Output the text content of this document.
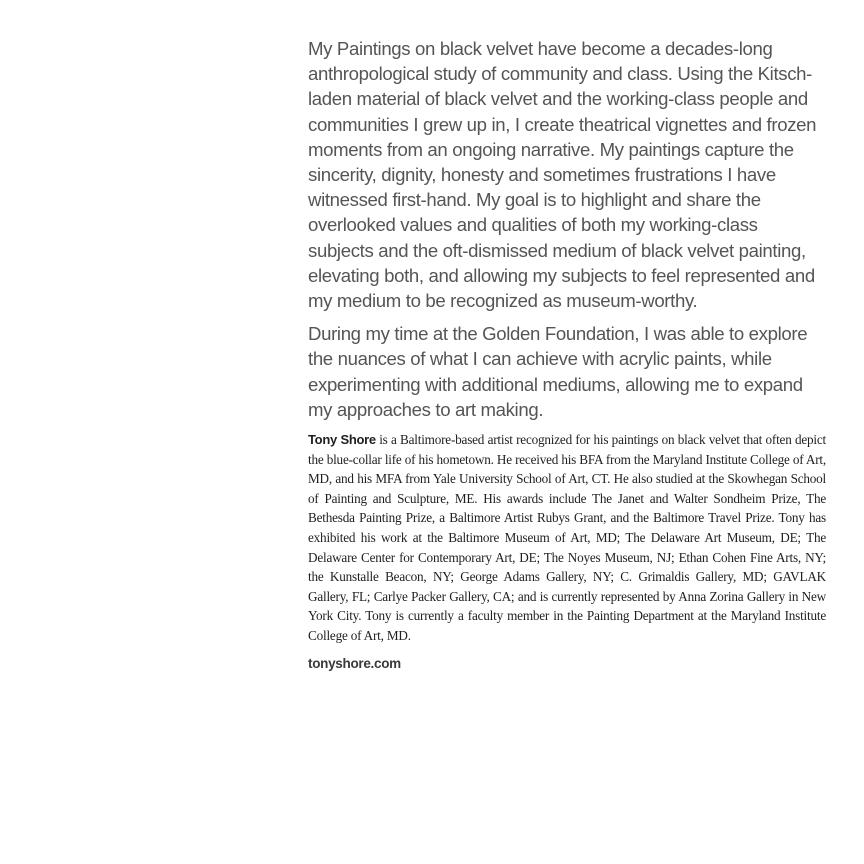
My Paintings on black velvet have become a decades-long anthropological study of community and class. Using the Kitsch-laden material of black velvet and the working-class people and communities I grew up in, I create theatrical vignettes and frozen moments from an ongoing narrative. My paintings capture the sincerity, dignity, honesty and sometimes frustrations I have witnessed first-hand. My goal is to highlight and share the overlooked values and qualities of both my working-class subjects and the oft-dismissed medium of black velvet painting, elevating both, and allowing my subjects to feel represented and my medium to be recognized as museum-worthy.

During my time at the Golden Foundation, I was able to explore the nuances of what I can achieve with acrylic paints, while experimenting with additional mediums, allowing me to expand my approaches to art making.

Tony Shore is a Baltimore-based artist recognized for his paintings on black velvet that often depict the blue-collar life of his hometown. He received his BFA from the Maryland Institute College of Art, MD, and his MFA from Yale University School of Art, CT. He also studied at the Skowhegan School of Painting and Sculpture, ME. His awards include The Janet and Walter Sondheim Prize, The Bethesda Painting Prize, a Baltimore Artist Rubys Grant, and the Baltimore Travel Prize. Tony has exhibited his work at the Baltimore Museum of Art, MD; The Delaware Art Museum, DE; The Delaware Center for Contemporary Art, DE; The Noyes Museum, NJ; Ethan Cohen Fine Arts, NY; the Kunstalle Beacon, NY; George Adams Gallery, NY; C. Grimaldis Gallery, MD; GAVLAK Gallery, FL; Carlye Packer Gallery, CA; and is currently represented by Anna Zorina Gallery in New York City. Tony is currently a faculty member in the Painting Department at the Maryland Institute College of Art, MD.

tonyshore.com
